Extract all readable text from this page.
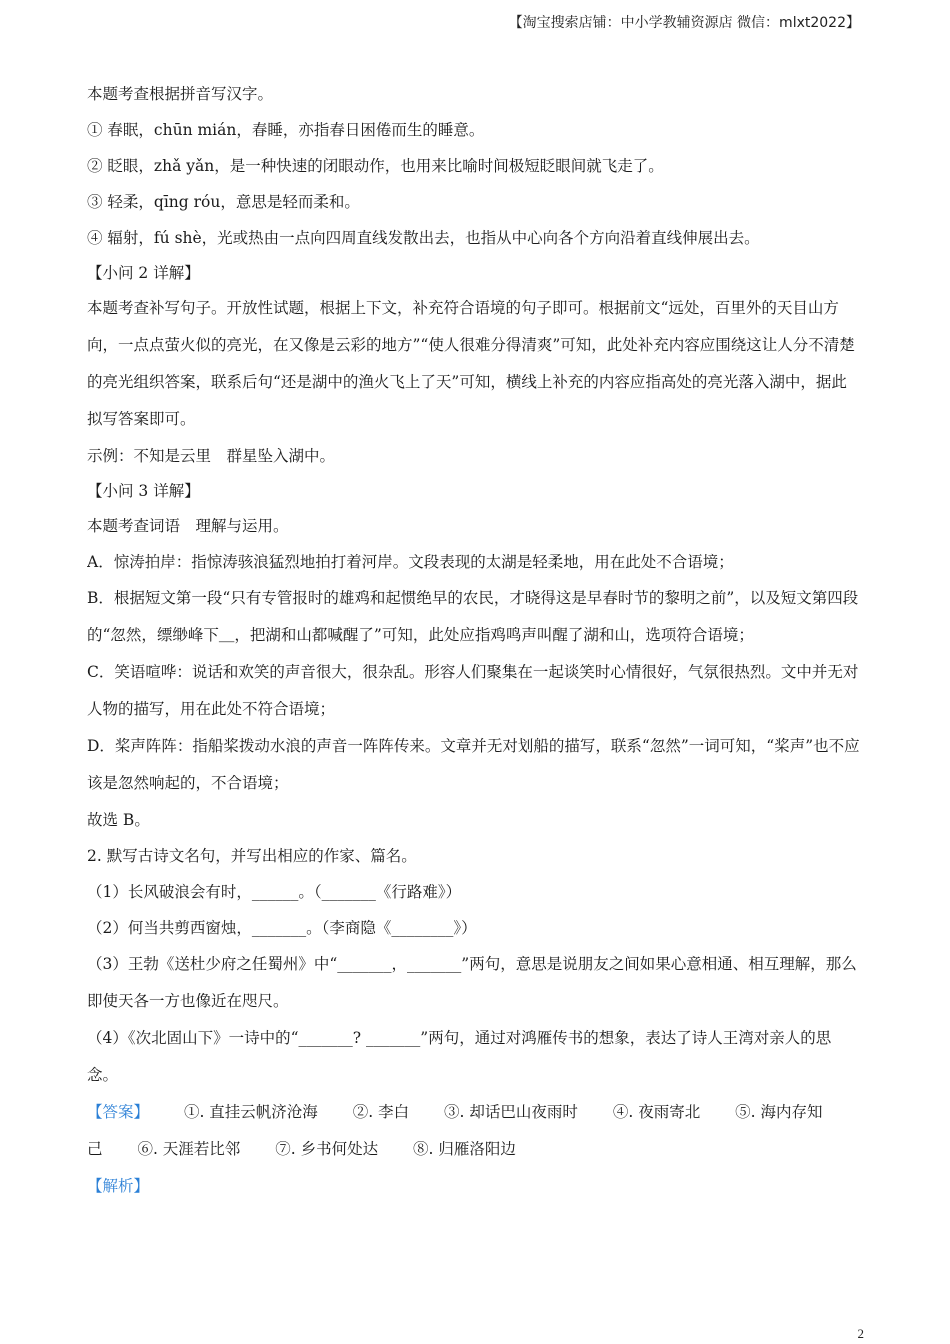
【淘宝搜索店铺：中小学教辅资源店 微信：mlxt2022】

本题考查根据拼音写汉字。

① 春眠，chūn mián，春睡，亦指春日困倦而生的睡意。

② 眨眼，zhǎ yǎn，是一种快速的闭眼动作，也用来比喻时间极短眨眼间就飞走了。

③ 轻柔，qīng róu，意思是轻而柔和。

④ 辐射，fú shè，光或热由一点向四周直线发散出去，也指从中心向各个方向沿着直线伸展出去。

【小问 2 详解】

本题考查补写句子。开放性试题，根据上下文，补充符合语境的句子即可。根据前文“远处，百里外的天目山方向，一点点萤火似的亮光，在又像是云彩的地方”“使人很难分得清爽”可知，此处补充内容应围绕这让人分不清楚的亮光组织答案，联系后句“还是湖中的渔火飞上了天”可知，横线上补充的内容应指高处的亮光落入湖中，据此拟写答案即可。

示例：不知是云里　群星坠入湖中。

【小问 3 详解】

本题考查词语　理解与运用。

A．惊涛拍岸：指惊涛骇浪猛烈地拍打着河岸。文段表现的太湖是轻柔地，用在此处不合语境；

B．根据短文第一段“只有专管报时的雄鸡和起惯绝早的农民，才晓得这是早春时节的黎明之前”，以及短文第四段的“忽然，缥缈峰下＿，把湖和山都喊醒了”可知，此处应指鸡鸣声叫醒了湖和山，选项符合语境；

C．笑语喧哗：说话和欢笑的声音很大，很杂乱。形容人们聚集在一起谈笑时心情很好，气氛很热烈。文中并无对人物的描写，用在此处不符合语境；

D．桨声阵阵：指船桨拨动水浪的声音一阵阵传来。文章并无对划船的描写，联系“忽然”一词可知，“桨声”也不应该是忽然响起的，不合语境；

故选 B。

2. 默写古诗文名句，并写出相应的作家、篇名。

（1）长风破浪会有时，______。（_______《行路难》）

（2）何当共剪西窗烛，_______。（李商隐《________》）

（3）王勃《送杜少府之任蜀州》中“_______，_______”两句，意思是说朋友之间如果心意相通、相互理解，那么即使天各一方也像近在咫尺。

（4）《次北固山下》一诗中的“_______? _______”两句，通过对鸿雁传书的想象，表达了诗人王湾对亲人的思念。

【答案】 ①. 直挂云帆济沧海 ②. 李白 ③. 却话巴山夜雨时 ④. 夜雨寄北 ⑤. 海内存知己 ⑥. 天涯若比邻 ⑦. 乡书何处达 ⑧. 归雁洛阳边

【解析】

2
